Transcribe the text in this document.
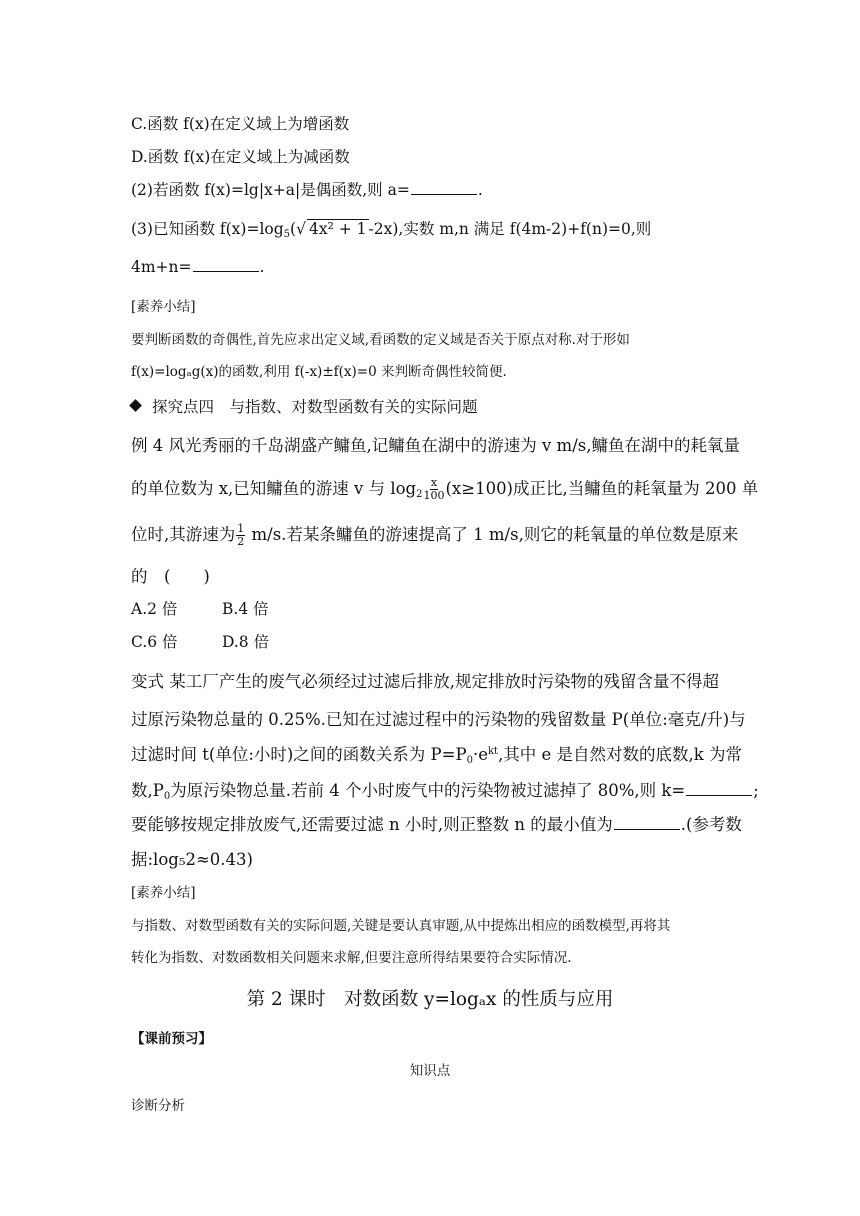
C.函数 f(x)在定义域上为增函数
D.函数 f(x)在定义域上为减函数
(2)若函数 f(x)=lg|x+a|是偶函数,则 a=	.
(3)已知函数 $f(x)=\log_5(√$ 4x² + 1 -2x),实数 m,n 满足 f(4m-2)+f(n)=0,则
4m+n=	.
[素养小结]
要判断函数的奇偶性,首先应求出定义域,看函数的定义域是否关于原点对称.对于形如
f(x)=logₐg(x)的函数,利用 f(-x)±f(x)=0 来判断奇偶性较简便.
探究点四　与指数、对数型函数有关的实际问题
例 4 风光秀丽的千岛湖盛产鳙鱼,记鳙鱼在湖中的游速为 v m/s,鳙鱼在湖中的耗氧量
的单位数为 x,已知鳙鱼的游速 v 与 $\log_2 \frac{x}{100} (x\ge 100)$成正比,当鳙鱼的耗氧量为 200 单
位时,其游速为 $\frac{1}{2} m/s$.若某条鳙鱼的游速提高了 1 m/s,则它的耗氧量的单位数是原来
的　(　　)
A.2 倍	B.4 倍
C.6 倍	D.8 倍
变式 某工厂产生的废气必须经过过滤后排放,规定排放时污染物的残留含量不得超
过原污染物总量的 0.25%.已知在过滤过程中的污染物的残留数量 P(单位:毫克/升)与
过滤时间 t(单位:小时)之间的函数关系为 $P=P_0\cdot e^{kt}$,其中 e 是自然对数的底数,k 为常
数$,P_0$为原污染物总量.若前 4 个小时废气中的污染物被过滤掉了 80%,则 k=	;
要能够按规定排放废气,还需要过滤 n 小时,则正整数 n 的最小值为	.(参考数
据:log₅2≈0.43)
[素养小结]
与指数、对数型函数有关的实际问题,关键是要认真审题,从中提炼出相应的函数模型,再将其
转化为指数、对数函数相关问题来求解,但要注意所得结果要符合实际情况.
第 2 课时　对数函数 y=logₐx 的性质与应用
【课前预习】
知识点
诊断分析
